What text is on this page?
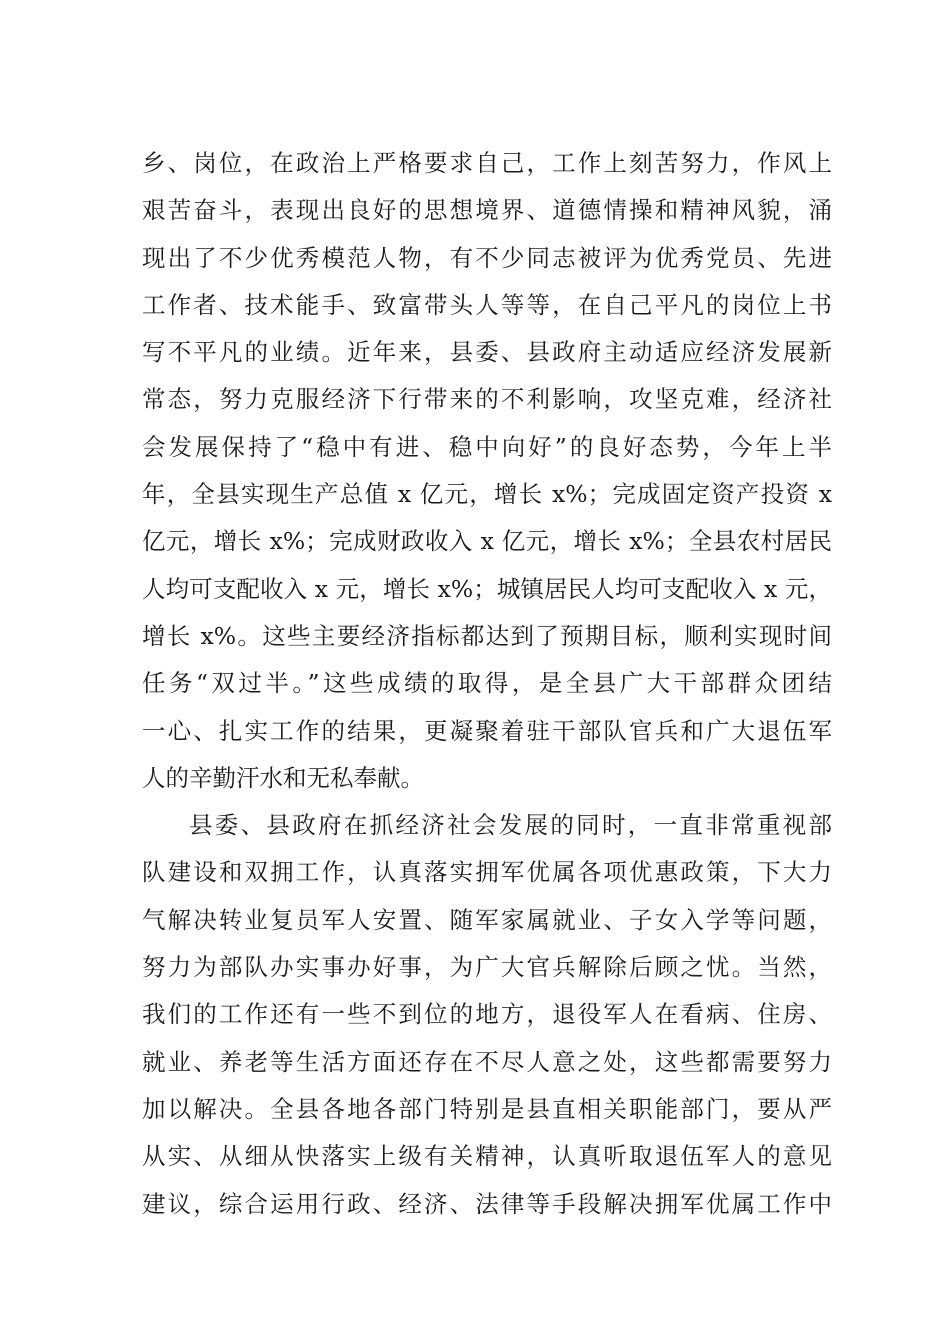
乡、岗位，在政治上严格要求自己，工作上刻苦努力，作风上
艰苦奋斗，表现出良好的思想境界、道德情操和精神风貌，涌
现出了不少优秀模范人物，有不少同志被评为优秀党员、先进
工作者、技术能手、致富带头人等等，在自己平凡的岗位上书
写不平凡的业绩。近年来，县委、县政府主动适应经济发展新
常态，努力克服经济下行带来的不利影响，攻坚克难，经济社
会发展保持了“稳中有进、稳中向好”的良好态势，今年上半
年，全县实现生产总值 x 亿元，增长 x%；完成固定资产投资 x
亿元，增长 x%；完成财政收入 x 亿元，增长 x%；全县农村居民
人均可支配收入 x 元，增长 x%；城镇居民人均可支配收入 x 元，
增长 x%。这些主要经济指标都达到了预期目标，顺利实现时间
任务“双过半。”这些成绩的取得，是全县广大干部群众团结
一心、扎实工作的结果，更凝聚着驻干部队官兵和广大退伍军
人的辛勤汗水和无私奉献。
县委、县政府在抓经济社会发展的同时，一直非常重视部
队建设和双拥工作，认真落实拥军优属各项优惠政策，下大力
气解决转业复员军人安置、随军家属就业、子女入学等问题，
努力为部队办实事办好事，为广大官兵解除后顾之忧。当然，
我们的工作还有一些不到位的地方，退役军人在看病、住房、
就业、养老等生活方面还存在不尽人意之处，这些都需要努力
加以解决。全县各地各部门特别是县直相关职能部门，要从严
从实、从细从快落实上级有关精神，认真听取退伍军人的意见
建议，综合运用行政、经济、法律等手段解决拥军优属工作中
